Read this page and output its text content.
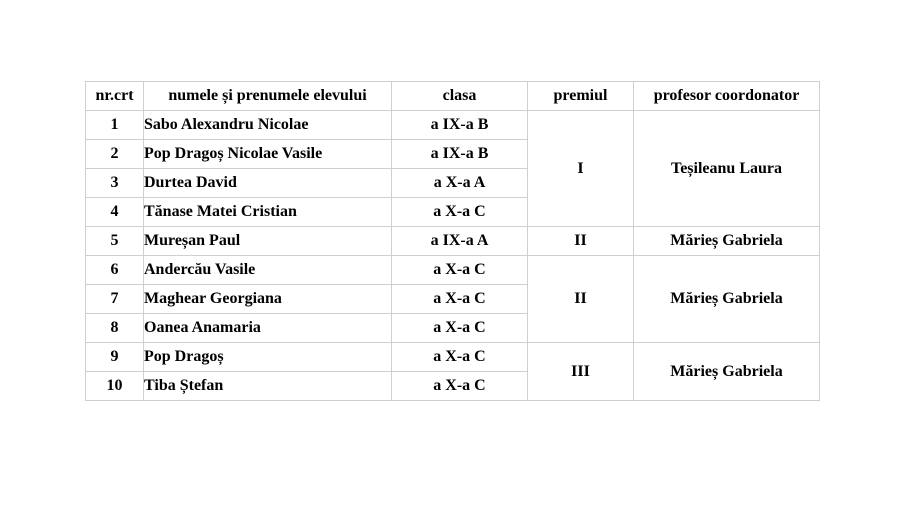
nr.crt	numele și prenumele elevului	clasa	premiul	profesor coordonator
1	Sabo Alexandru Nicolae	a IX-a B	I	Teșileanu Laura
2	Pop Dragoș Nicolae Vasile	a IX-a B		
3	Durtea David	a X-a A		
4	Tănase Matei Cristian	a X-a C		
5	Mureșan Paul	a IX-a A	II	Mărieș Gabriela
6	Andercău Vasile	a X-a C	II	Mărieș Gabriela
7	Maghear Georgiana	a X-a C		
8	Oanea Anamaria	a X-a C		
9	Pop Dragoș	a X-a C	III	Mărieș Gabriela
10	Tiba Ștefan	a X-a C		
